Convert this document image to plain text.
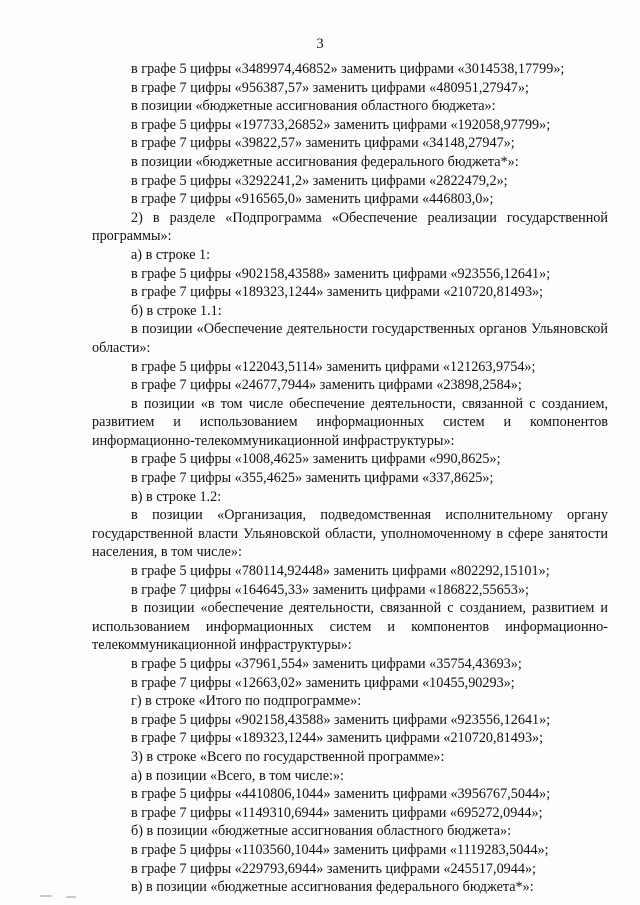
3

в графе 5 цифры «3489974,46852» заменить цифрами «3014538,17799»;

в графе 7 цифры «956387,57» заменить цифрами «480951,27947»;

в позиции «бюджетные ассигнования областного бюджета»:

в графе 5 цифры «197733,26852» заменить цифрами «192058,97799»;

в графе 7 цифры «39822,57» заменить цифрами «34148,27947»;

в позиции «бюджетные ассигнования федерального бюджета*»:

в графе 5 цифры «3292241,2» заменить цифрами «2822479,2»;

в графе 7 цифры «916565,0» заменить цифрами «446803,0»;

2) в разделе «Подпрограмма «Обеспечение реализации государственной программы»:

а) в строке 1:

в графе 5 цифры «902158,43588» заменить цифрами «923556,12641»;

в графе 7 цифры «189323,1244» заменить цифрами «210720,81493»;

б) в строке 1.1:

в позиции «Обеспечение деятельности государственных органов Ульяновской области»:

в графе 5 цифры «122043,5114» заменить цифрами «121263,9754»;

в графе 7 цифры «24677,7944» заменить цифрами «23898,2584»;

в позиции «в том числе обеспечение деятельности, связанной с созданием, развитием и использованием информационных систем и компонентов информационно-телекоммуникационной инфраструктуры»:

в графе 5 цифры «1008,4625» заменить цифрами «990,8625»;

в графе 7 цифры «355,4625» заменить цифрами «337,8625»;

в) в строке 1.2:

в позиции «Организация, подведомственная исполнительному органу государственной власти Ульяновской области, уполномоченному в сфере занятости населения, в том числе»:

в графе 5 цифры «780114,92448» заменить цифрами «802292,15101»;

в графе 7 цифры «164645,33» заменить цифрами «186822,55653»;

в позиции «обеспечение деятельности, связанной с созданием, развитием и использованием информационных систем и компонентов информационно-телекоммуникационной инфраструктуры»:

в графе 5 цифры «37961,554» заменить цифрами «35754,43693»;

в графе 7 цифры «12663,02» заменить цифрами «10455,90293»;

г) в строке «Итого по подпрограмме»:

в графе 5 цифры «902158,43588» заменить цифрами «923556,12641»;

в графе 7 цифры «189323,1244» заменить цифрами «210720,81493»;

3) в строке «Всего по государственной программе»:

а) в позиции «Всего, в том числе:»:

в графе 5 цифры «4410806,1044» заменить цифрами «3956767,5044»;

в графе 7 цифры «1149310,6944» заменить цифрами «695272,0944»;

б) в позиции «бюджетные ассигнования областного бюджета»:

в графе 5 цифры «1103560,1044» заменить цифрами «1119283,5044»;

в графе 7 цифры «229793,6944» заменить цифрами «245517,0944»;

в) в позиции «бюджетные ассигнования федерального бюджета*»:
